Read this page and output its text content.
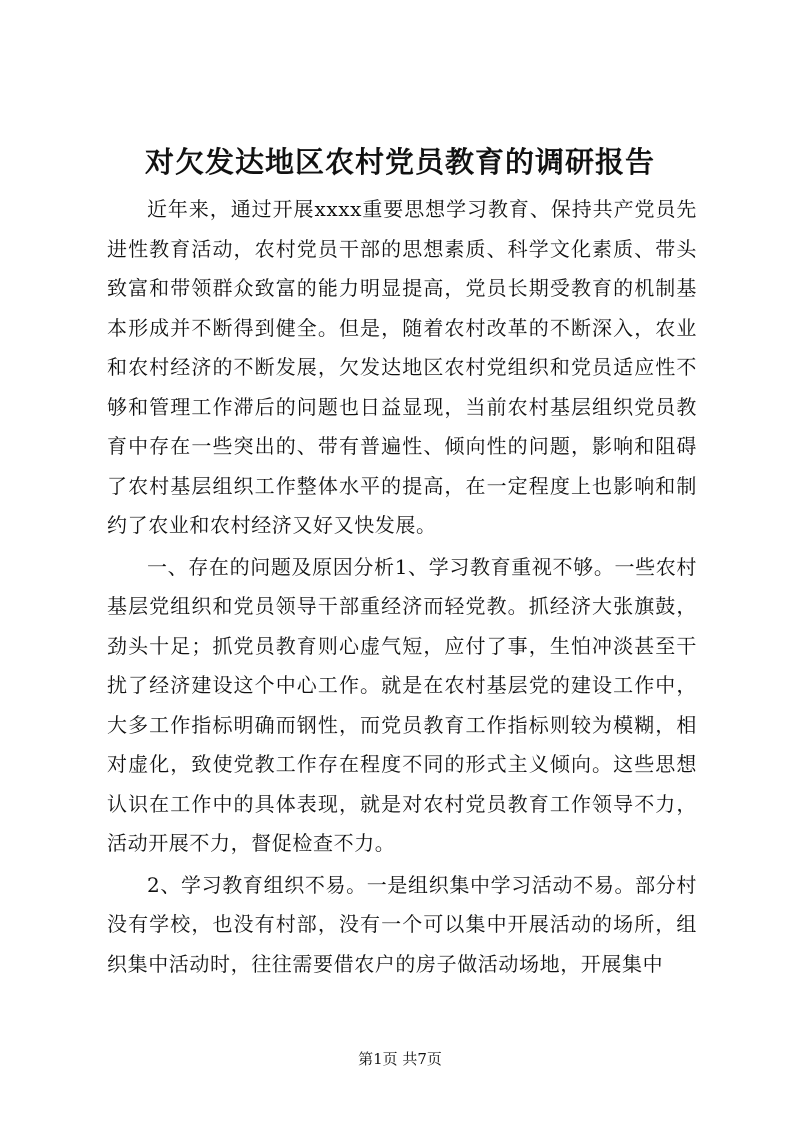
对欠发达地区农村党员教育的调研报告

近年来，通过开展xxxx重要思想学习教育、保持共产党员先进性教育活动，农村党员干部的思想素质、科学文化素质、带头致富和带领群众致富的能力明显提高，党员长期受教育的机制基本形成并不断得到健全。但是，随着农村改革的不断深入，农业和农村经济的不断发展，欠发达地区农村党组织和党员适应性不够和管理工作滞后的问题也日益显现，当前农村基层组织党员教育中存在一些突出的、带有普遍性、倾向性的问题，影响和阻碍了农村基层组织工作整体水平的提高，在一定程度上也影响和制约了农业和农村经济又好又快发展。

一、存在的问题及原因分析1、学习教育重视不够。一些农村基层党组织和党员领导干部重经济而轻党教。抓经济大张旗鼓，劲头十足；抓党员教育则心虚气短，应付了事，生怕冲淡甚至干扰了经济建设这个中心工作。就是在农村基层党的建设工作中，大多工作指标明确而钢性，而党员教育工作指标则较为模糊，相对虚化，致使党教工作存在程度不同的形式主义倾向。这些思想认识在工作中的具体表现，就是对农村党员教育工作领导不力，活动开展不力，督促检查不力。

2、学习教育组织不易。一是组织集中学习活动不易。部分村没有学校，也没有村部，没有一个可以集中开展活动的场所，组织集中活动时，往往需要借农户的房子做活动场地，开展集中

第1页 共7页
